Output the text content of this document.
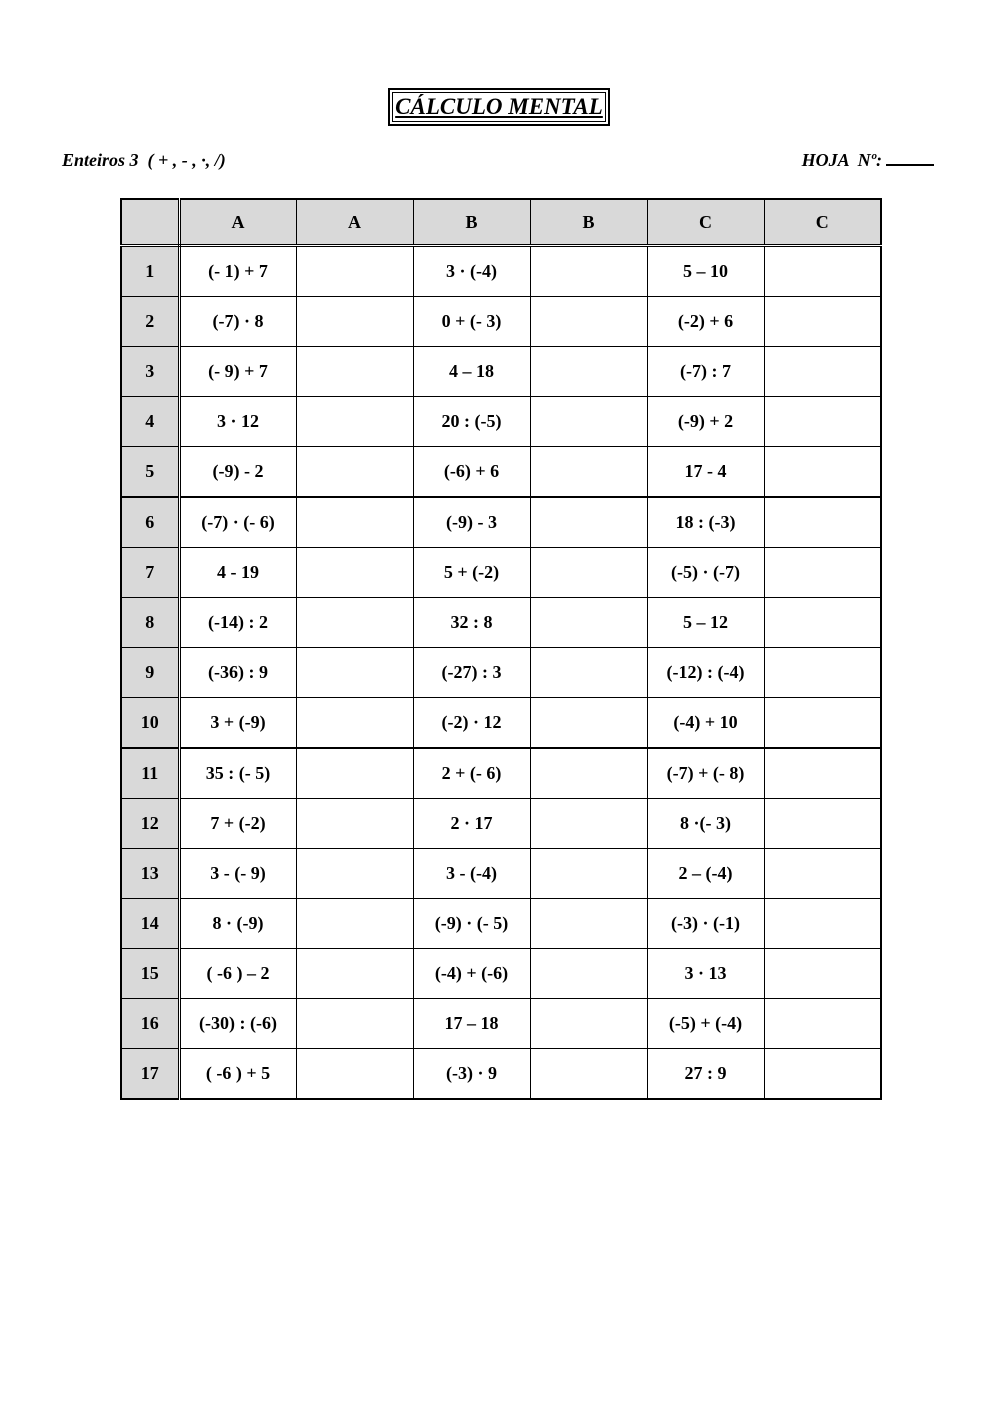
CÁLCULO MENTAL
Enteiros 3  ( + , - , ·, /)	HOJA  Nº:
	A	A	B	B	C	C
1	(- 1) + 7		3 · (-4)		5 – 10	
2	(-7) · 8		0 + (- 3)		(-2) + 6	
3	(- 9) + 7		4 – 18		(-7) : 7	
4	3 · 12		20 : (-5)		(-9) + 2	
5	(-9) - 2		(-6) + 6		17 - 4	
6	(-7) · (- 6)		(-9) - 3		18 : (-3)	
7	4 - 19		5 + (-2)		(-5) · (-7)	
8	(-14) : 2		32 : 8		5 – 12	
9	(-36) : 9		(-27) : 3		(-12) : (-4)	
10	3 + (-9)		(-2) · 12		(-4) + 10	
11	35 : (- 5)		2 + (- 6)		(-7) + (- 8)	
12	7 + (-2)		2 · 17		8 ·(- 3)	
13	3 - (- 9)		3 - (-4)		2 – (-4)	
14	8 · (-9)		(-9) · (- 5)		(-3) · (-1)	
15	( -6 ) – 2		(-4) + (-6)		3 · 13	
16	(-30) : (-6)		17 – 18		(-5) + (-4)	
17	( -6 ) + 5		(-3) · 9		27 : 9	
